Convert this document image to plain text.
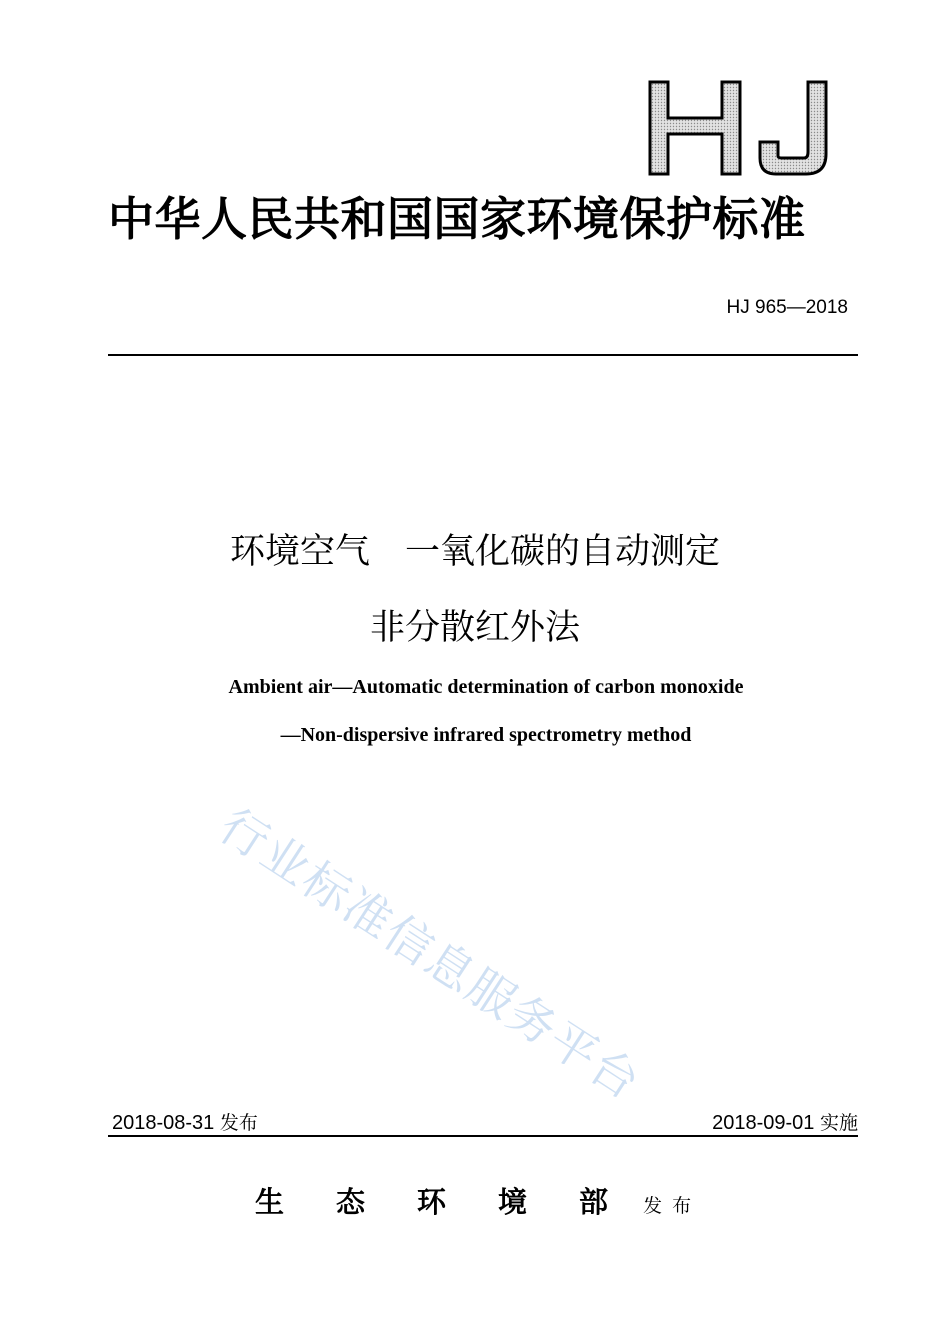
中华人民共和国国家环境保护标准
HJ 965—2018
环境空气　一氧化碳的自动测定
非分散红外法
Ambient air—Automatic determination of carbon monoxide
—Non-dispersive infrared spectrometry method
行业标准信息服务平台
2018-08-31 发布	2018-09-01 实施
生态环境部 发布
